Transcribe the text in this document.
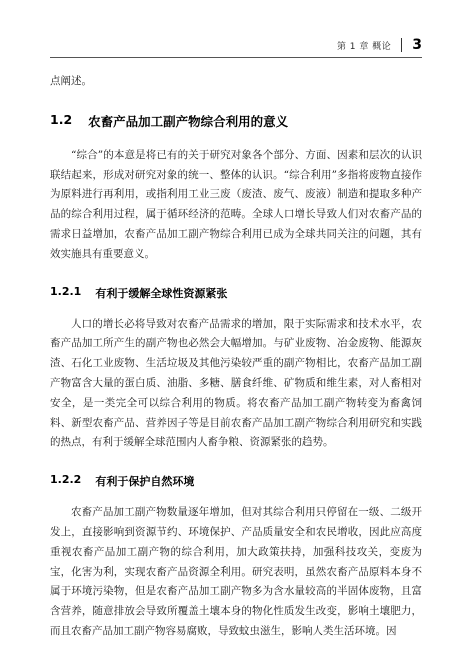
第 1 章 概论 3

点阐述。

1.2 农畜产品加工副产物综合利用的意义

“综合”的本意是将已有的关于研究对象各个部分、方面、因素和层次的认识联结起来，形成对研究对象的统一、整体的认识。“综合利用”多指将废物直接作为原料进行再利用，或指利用工业三废（废渣、废气、废液）制造和提取多种产品的综合利用过程，属于循环经济的范畴。全球人口增长导致人们对农畜产品的需求日益增加，农畜产品加工副产物综合利用已成为全球共同关注的问题，其有效实施具有重要意义。

1.2.1 有利于缓解全球性资源紧张

人口的增长必将导致对农畜产品需求的增加，限于实际需求和技术水平，农畜产品加工所产生的副产物也必然会大幅增加。与矿业废物、冶金废物、能源灰渣、石化工业废物、生活垃圾及其他污染较严重的副产物相比，农畜产品加工副产物富含大量的蛋白质、油脂、多糖、膳食纤维、矿物质和维生素，对人畜相对安全，是一类完全可以综合利用的物质。将农畜产品加工副产物转变为畜禽饲料、新型农畜产品、营养因子等是目前农畜产品加工副产物综合利用研究和实践的热点，有利于缓解全球范围内人畜争粮、资源紧张的趋势。

1.2.2 有利于保护自然环境

农畜产品加工副产物数量逐年增加，但对其综合利用只停留在一级、二级开发上，直接影响到资源节约、环境保护、产品质量安全和农民增收，因此应高度重视农畜产品加工副产物的综合利用，加大政策扶持，加强科技攻关，变废为宝，化害为利，实现农畜产品资源全利用。研究表明，虽然农畜产品原料本身不属于环境污染物，但是农畜产品加工副产物多为含水量较高的半固体废物，且富含营养，随意排放会导致所覆盖土壤本身的物化性质发生改变，影响土壤肥力，而且农畜产品加工副产物容易腐败，导致蚊虫滋生，影响人类生活环境。因
